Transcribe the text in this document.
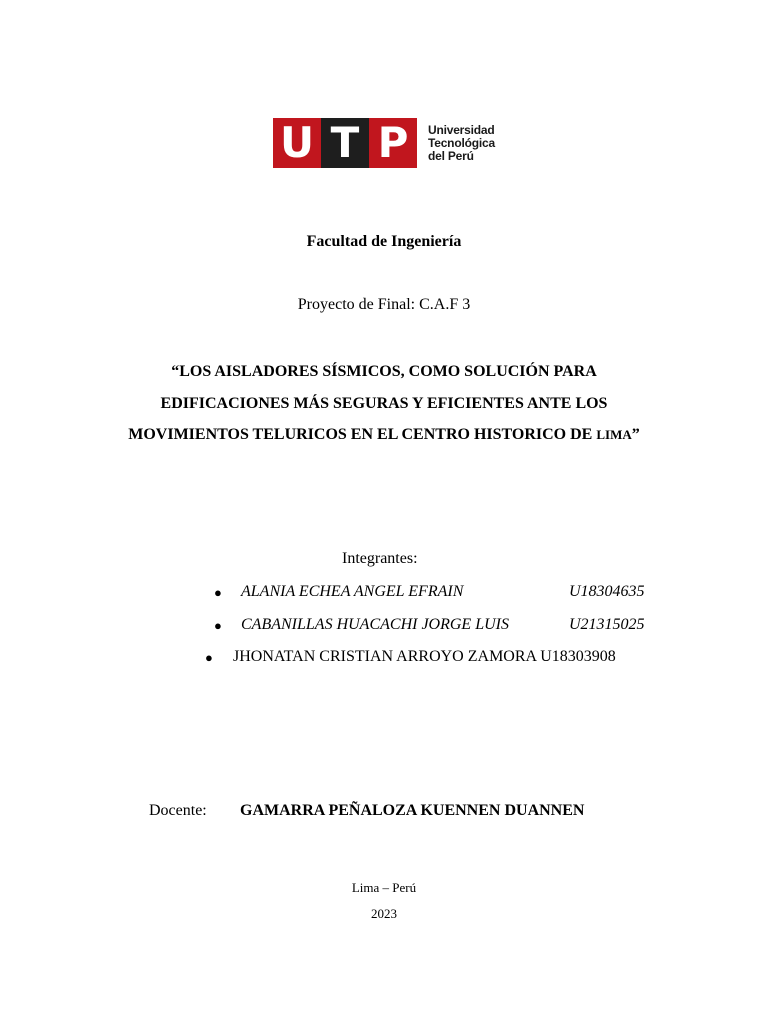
U T P	Universidad
Tecnológica
del Perú
Facultad de Ingeniería
Proyecto de Final: C.A.F 3
“LOS AISLADORES SÍSMICOS, COMO SOLUCIÓN PARA
EDIFICACIONES MÁS SEGURAS Y EFICIENTES ANTE LOS
MOVIMIENTOS TELURICOS EN EL CENTRO HISTORICO DE LIMA”
Integrantes:
● ALANIA ECHEA ANGEL EFRAIN	U18304635
● CABANILLAS HUACACHI JORGE LUIS	U21315025
● JHONATAN CRISTIAN ARROYO ZAMORA U18303908
Docente: GAMARRA PEÑALOZA KUENNEN DUANNEN
Lima – Perú
2023
